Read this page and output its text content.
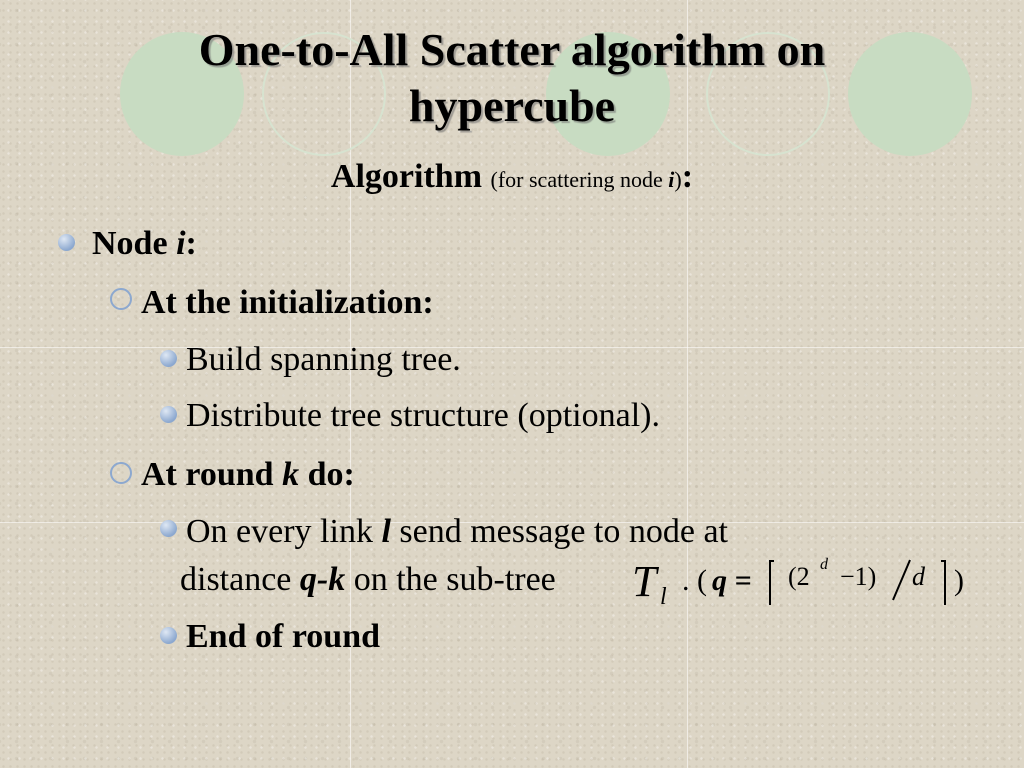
One-to-All Scatter algorithm on
hypercube
Algorithm (for scattering node i):
Node i:
At the initialization:
Build spanning tree.
Distribute tree structure (optional).
At round k do:
On every link l send message to node at
distance q-k on the sub-tree T l . ( q = (2 d −1) d )
End of round
